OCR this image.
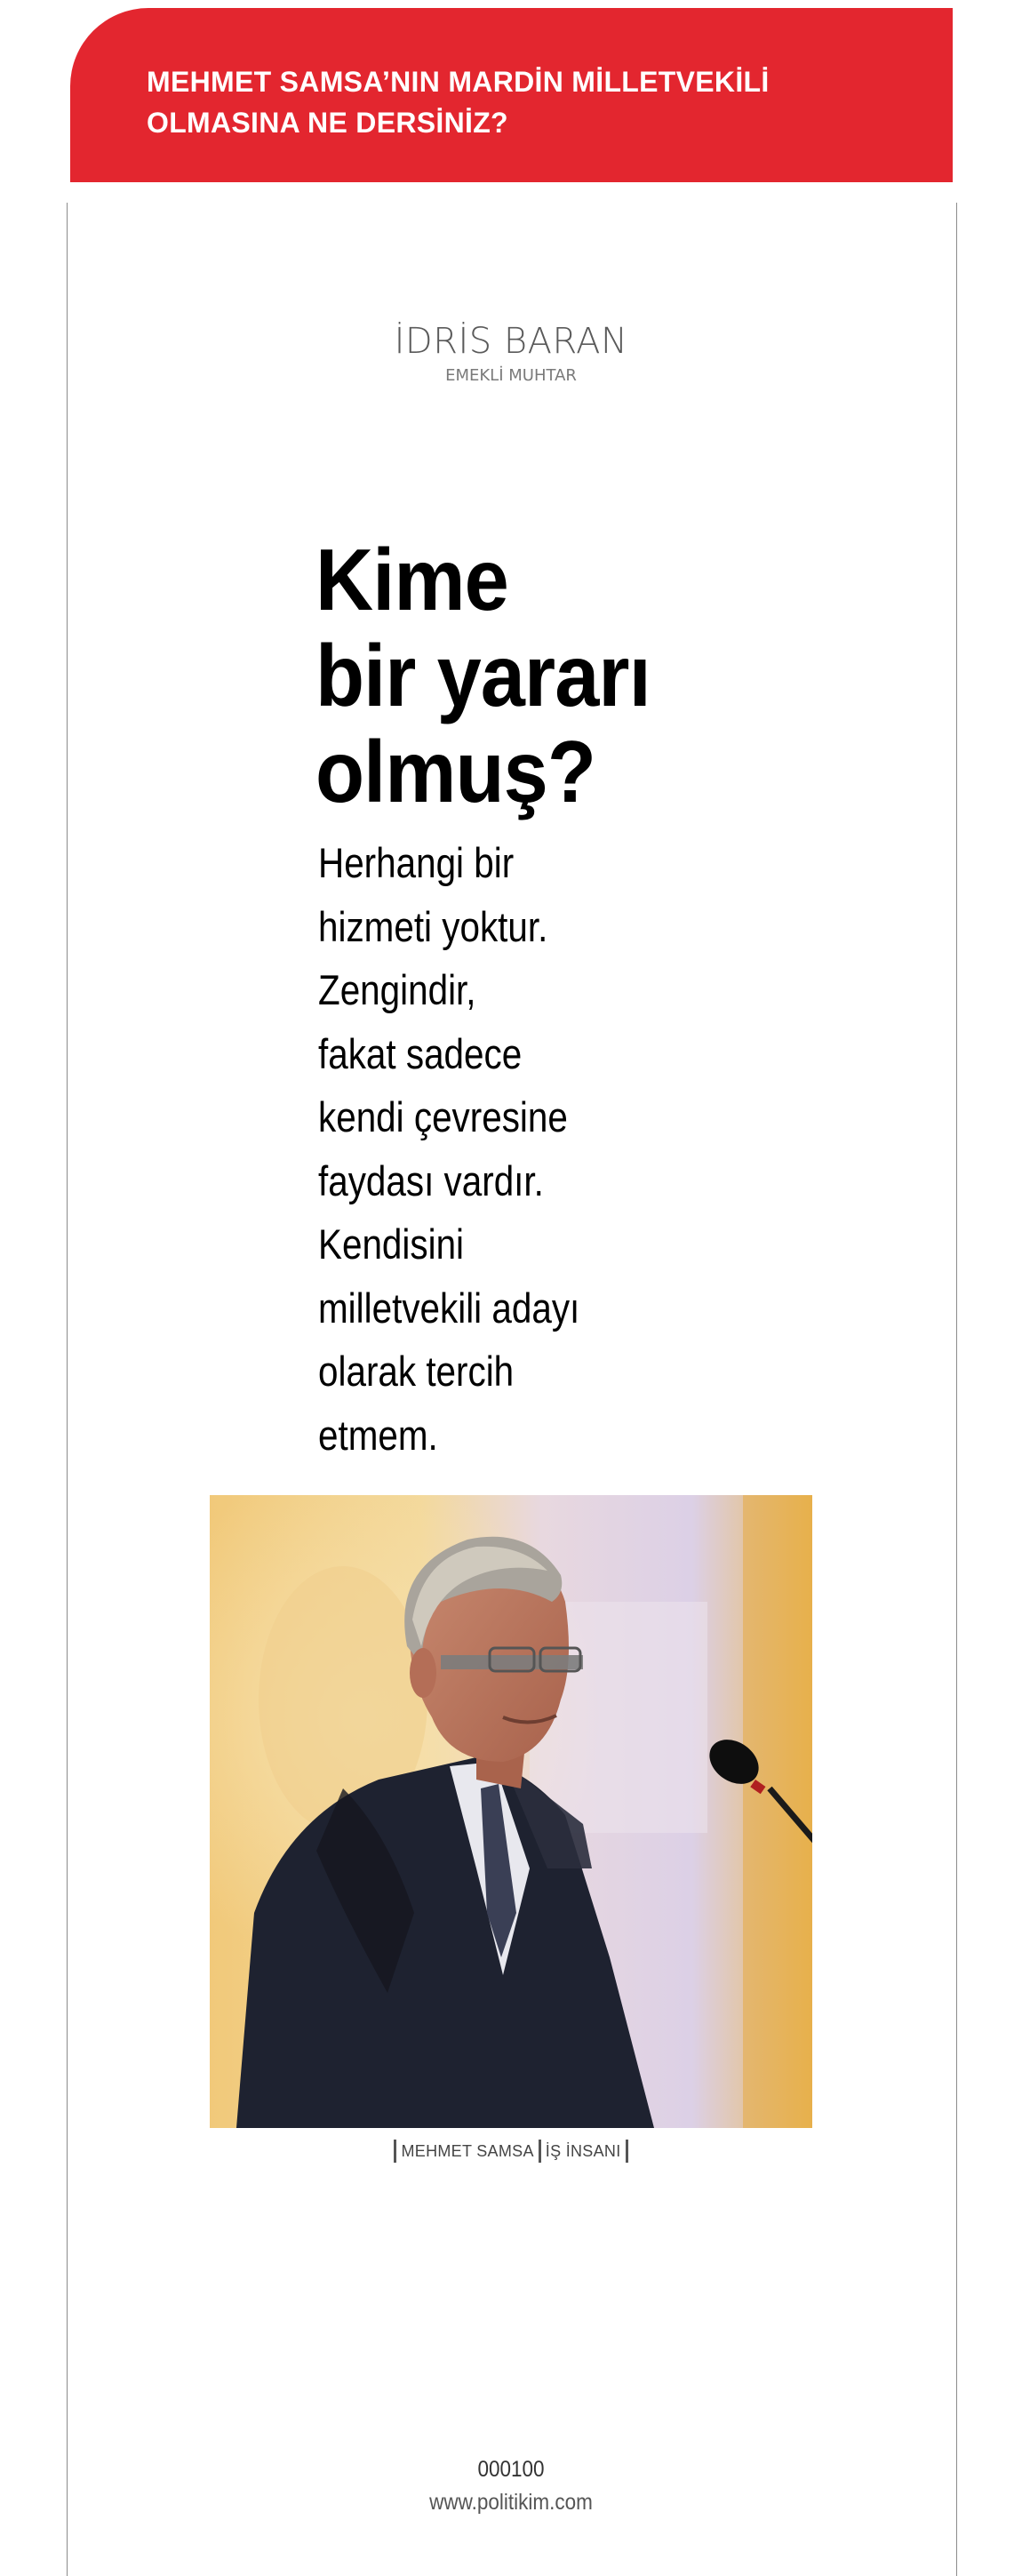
MEHMET SAMSA’NIN MARDİN MİLLETVEKİLİ
OLMASINA NE DERSİNİZ?
İDRİS BARAN
EMEKLİ MUHTAR
Kime
bir yararı
olmuş?
Herhangi bir
hizmeti yoktur.
Zengindir,
fakat sadece
kendi çevresine
faydası vardır.
Kendisini
milletvekili adayı
olarak tercih
etmem.
MEHMET SAMSA İŞ İNSANI
000100
www.politikim.com
